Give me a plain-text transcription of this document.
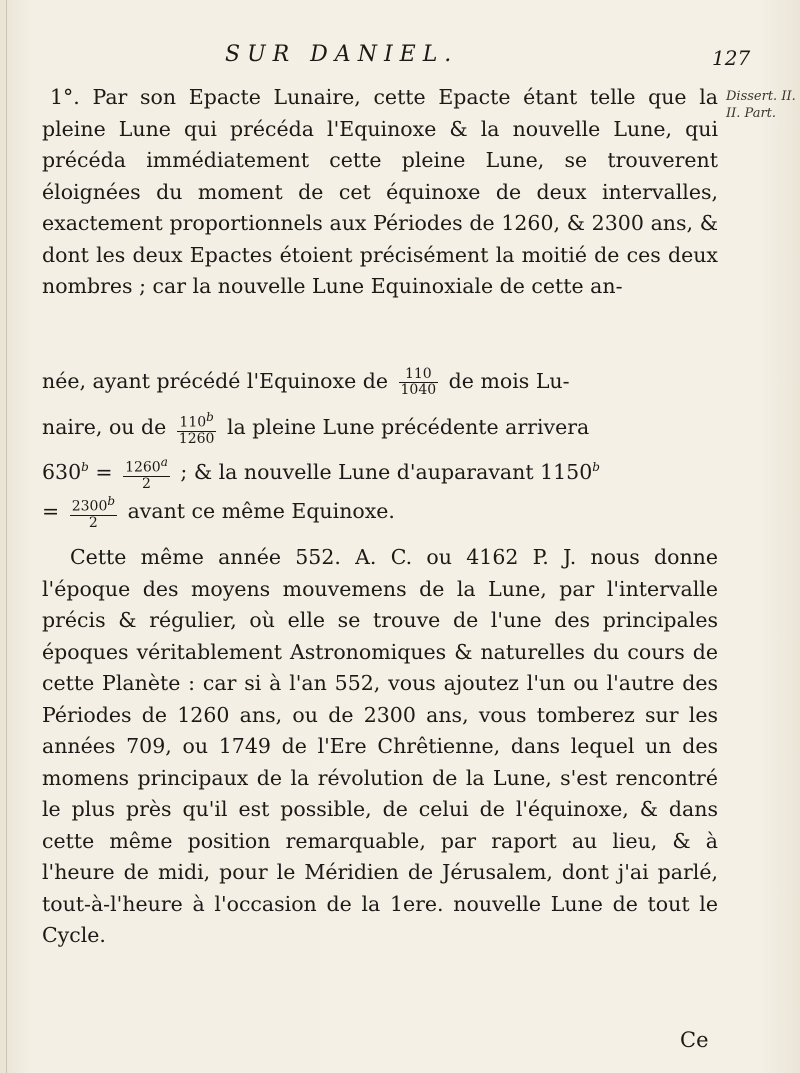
SUR DANIEL.	127
Dissert. II.
II. Part.

1°. Par son Epacte Lunaire, cette Epacte étant telle que la pleine Lune qui précéda l'Equinoxe & la nouvelle Lune, qui précéda immédiatement cette pleine Lune, se trouverent éloignées du moment de cet équinoxe de deux intervalles, exactement proportionnels aux Périodes de 1260, & 2300 ans, & dont les deux Epactes étoient précisément la moitié de ces deux nombres ; car la nouvelle Lune Equinoxiale de cette an-

née, ayant précédé l'Equinoxe de $\frac{110}{1040}$ de mois Lu-
naire, ou de $\frac{110b}{1260}$ la pleine Lune précédente arrivera
$630^b = \frac{1260a}{2}$ ; & la nouvelle Lune d'auparavant $1150^b$
= $\frac{2300b}{2}$ avant ce même Equinoxe.

Cette même année 552. A. C. ou 4162 P. J. nous donne l'époque des moyens mouvemens de la Lune, par l'intervalle précis & régulier, où elle se trouve de l'une des principales époques véritablement Astronomiques & naturelles du cours de cette Planète : car si à l'an 552, vous ajoutez l'un ou l'autre des Périodes de 1260 ans, ou de 2300 ans, vous tomberez sur les années 709, ou 1749 de l'Ere Chrêtienne, dans lequel un des momens principaux de la révolution de la Lune, s'est rencontré le plus près qu'il est possible, de celui de l'équinoxe, & dans cette même position remarquable, par raport au lieu, & à l'heure de midi, pour le Méridien de Jérusalem, dont j'ai parlé, tout-à-l'heure à l'occasion de la 1ere. nouvelle Lune de tout le Cycle.

Ce
